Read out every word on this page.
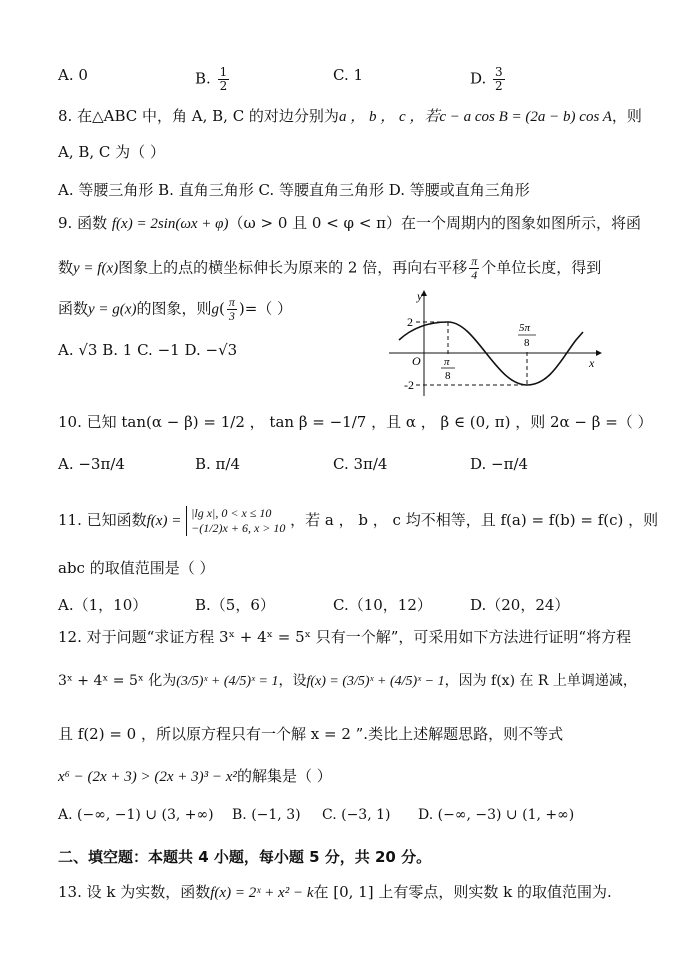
A. 0	B. $\frac{1}{2}$	C. 1	D. $\frac{3}{2}$
8. 在△ABC 中，角 A, B, C 的对边分别为a ， b ， c ，若c − a cos B = (2a − b) cos A，则
A, B, C 为（ ）
A. 等腰三角形 B. 直角三角形 C. 等腰直角三角形 D. 等腰或直角三角形
9. 函数 f(x) = 2sin(ωx + φ)（ω > 0 且 0 < φ < π）在一个周期内的图象如图所示，将函
数y = f(x)图象上的点的横坐标伸长为原来的 2 倍，再向右平移 $\frac{\pi}{4}$ 个单位长度，得到
函数y = g(x)的图象，则$g( \frac{\pi}{3}$ )=（ ）
A. √3 B. 1 C. −1 D. −√3
y
x
O
2
-2
π
8
5π
8
10. 已知 tan(α − β) = 1/2 ， tan β = −1/7 ，且 α ， β ∈ (0, π) ，则 2α − β =（ ）
A. −3π/4	B. π/4	C. 3π/4	D. −π/4
11. 已知函数f(x) = |lg x|, 0 < x ≤ 10
−(1/2)x + 6, x > 10 ，若 a ， b ， c 均不相等，且 f(a) = f(b) = f(c) ，则
abc 的取值范围是（ ）
A.（1，10）	B.（5，6）	C.（10，12）	D.（20，24）
12. 对于问题“求证方程 3ˣ + 4ˣ = 5ˣ 只有一个解”，可采用如下方法进行证明“将方程
3ˣ + 4ˣ = 5ˣ 化为(3/5)ˣ + (4/5)ˣ = 1，设f(x) = (3/5)ˣ + (4/5)ˣ − 1，因为 f(x) 在 R 上单调递减，
且 f(2) = 0 ，所以原方程只有一个解 x = 2 ”.类比上述解题思路，则不等式
x⁶ − (2x + 3) > (2x + 3)³ − x²的解集是（ ）
A. (−∞, −1) ∪ (3, +∞) B. (−1, 3) C. (−3, 1) D. (−∞, −3) ∪ (1, +∞)
二、填空题：本题共 4 小题，每小题 5 分，共 20 分。
13. 设 k 为实数，函数f(x) = 2ˣ + x² − k在 [0, 1] 上有零点，则实数 k 的取值范围为.
